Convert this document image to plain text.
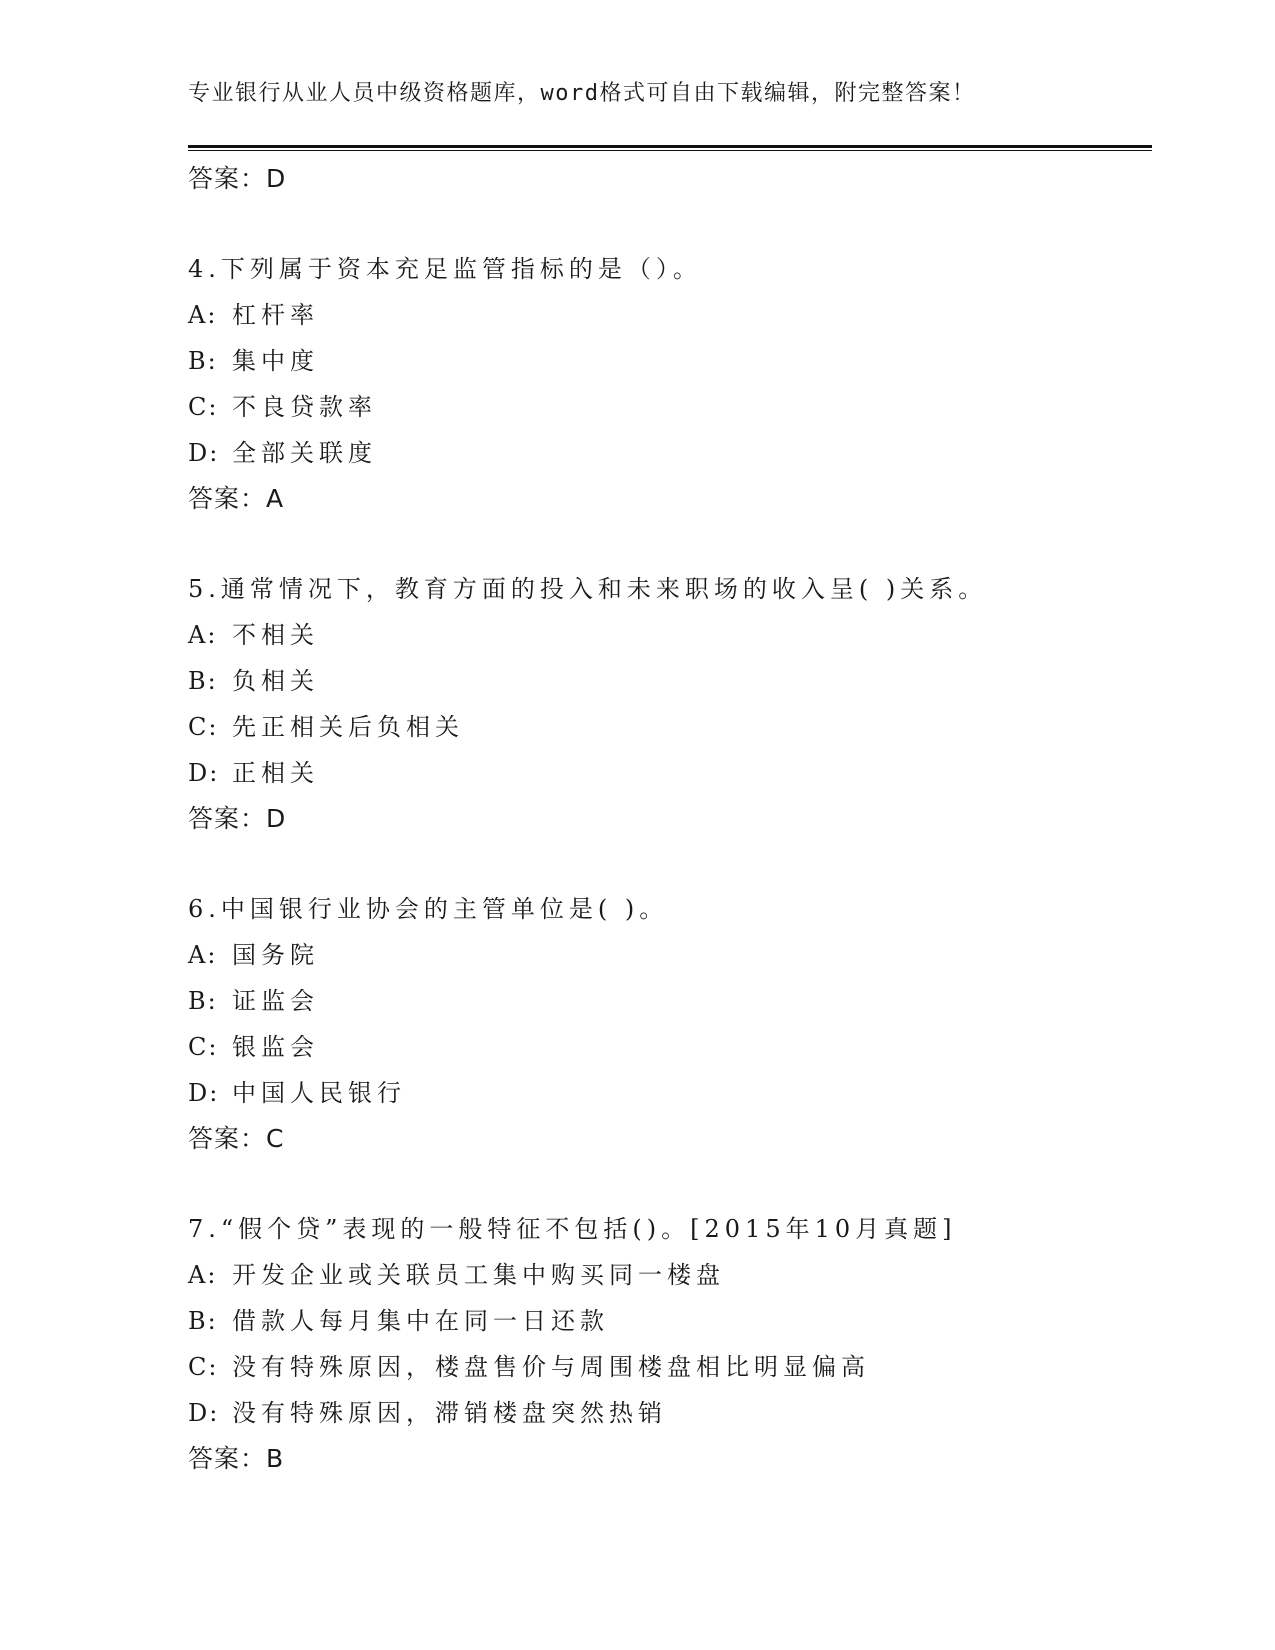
专业银行从业人员中级资格题库，word格式可自由下载编辑，附完整答案！
答案：D
4.下列属于资本充足监管指标的是（）。
A: 杠杆率
B: 集中度
C: 不良贷款率
D: 全部关联度
答案：A
5.通常情况下，教育方面的投入和未来职场的收入呈( )关系。
A: 不相关
B: 负相关
C: 先正相关后负相关
D: 正相关
答案：D
6.中国银行业协会的主管单位是( )。
A: 国务院
B: 证监会
C: 银监会
D: 中国人民银行
答案：C
7.“假个贷”表现的一般特征不包括()。[2015年10月真题]
A: 开发企业或关联员工集中购买同一楼盘
B: 借款人每月集中在同一日还款
C: 没有特殊原因，楼盘售价与周围楼盘相比明显偏高
D: 没有特殊原因，滞销楼盘突然热销
答案：B
